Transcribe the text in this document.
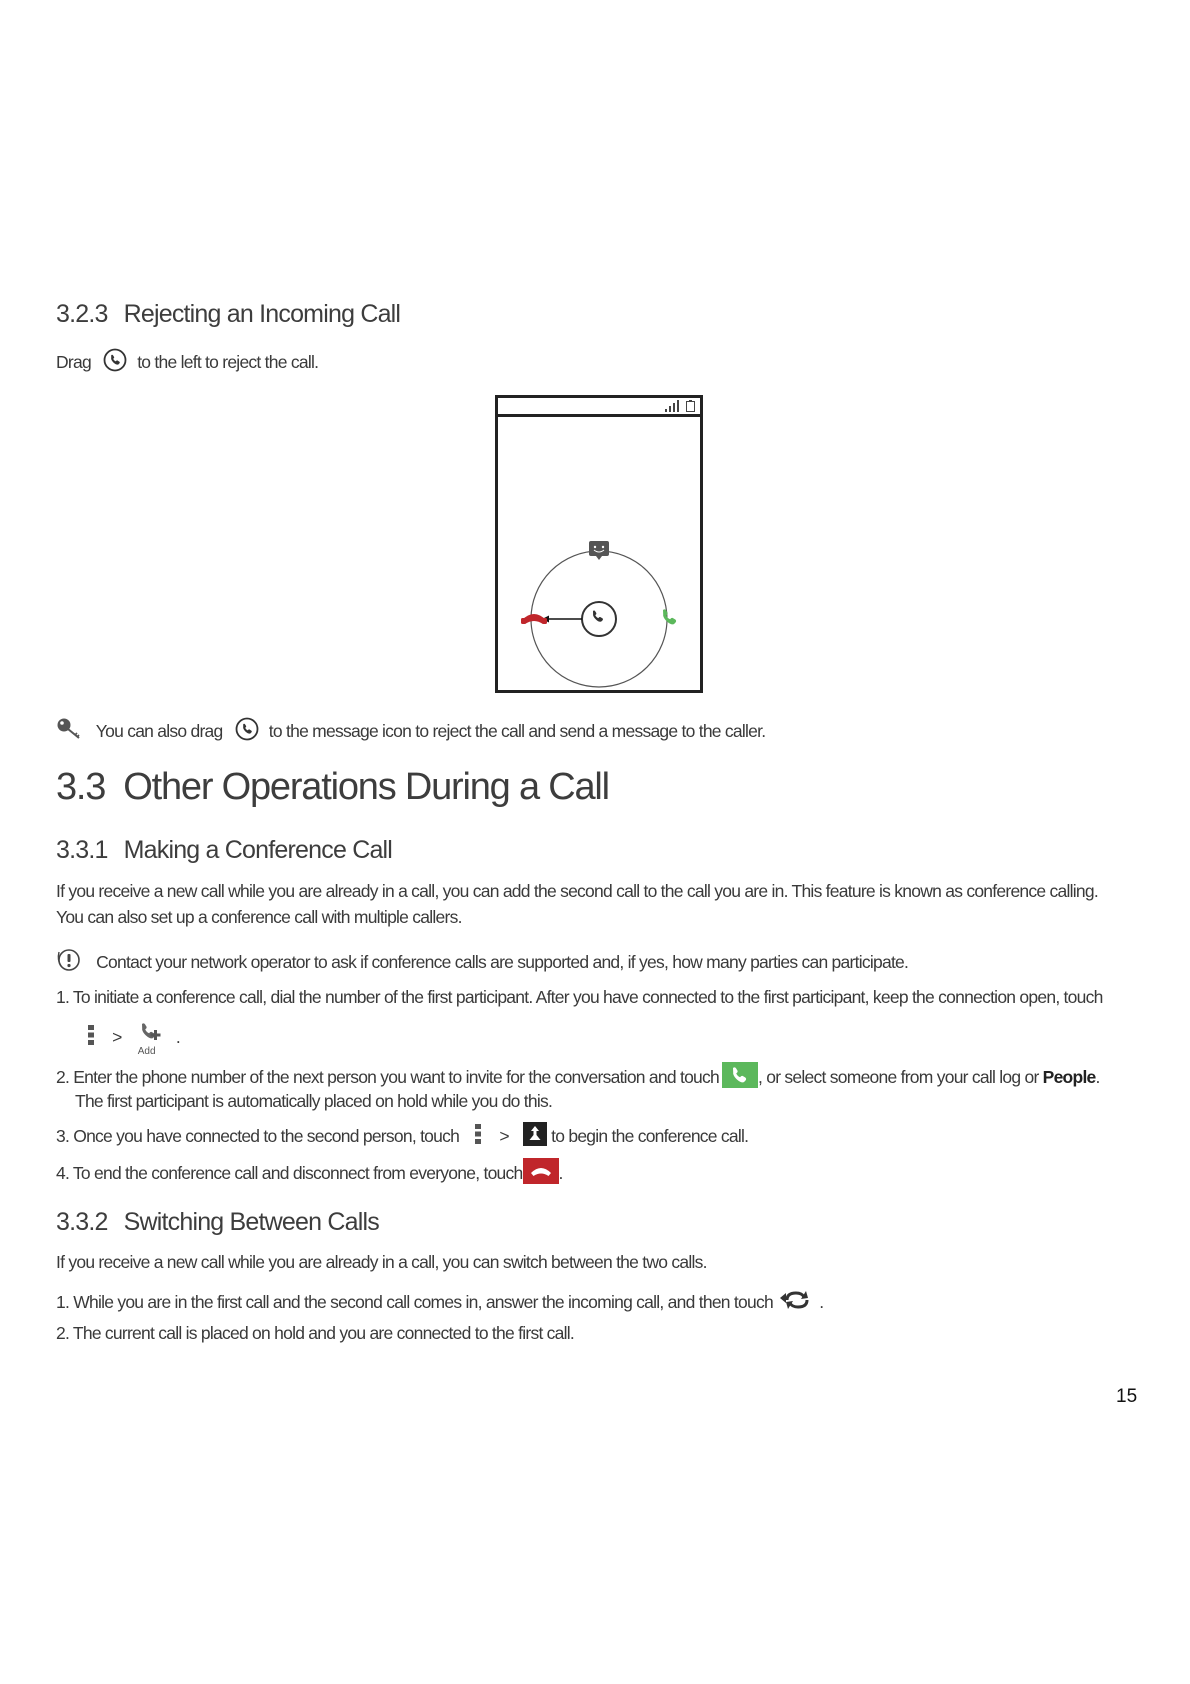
3.2.3 Rejecting an Incoming Call
Drag	to the left to reject the call.
You can also drag	to the message icon to reject the call and send a message to the caller.
3.3 Other Operations During a Call
3.3.1 Making a Conference Call
If you receive a new call while you are already in a call, you can add the second call to the call you are in. This feature is known as conference calling.
You can also set up a conference call with multiple callers.
Contact your network operator to ask if conference calls are supported and, if yes, how many parties can participate.
1. To initiate a conference call, dial the number of the first participant. After you have connected to the first participant, keep the connection open, touch
>
Add
.
2. Enter the phone number of the next person you want to invite for the conversation and touch , or select someone from your call log or People.
The first participant is automatically placed on hold while you do this.
3. Once you have connected to the second person, touch > to begin the conference call.
4. To end the conference call and disconnect from everyone, touch .
3.3.2 Switching Between Calls
If you receive a new call while you are already in a call, you can switch between the two calls.
1. While you are in the first call and the second call comes in, answer the incoming call, and then touch	.
2. The current call is placed on hold and you are connected to the first call.
15
